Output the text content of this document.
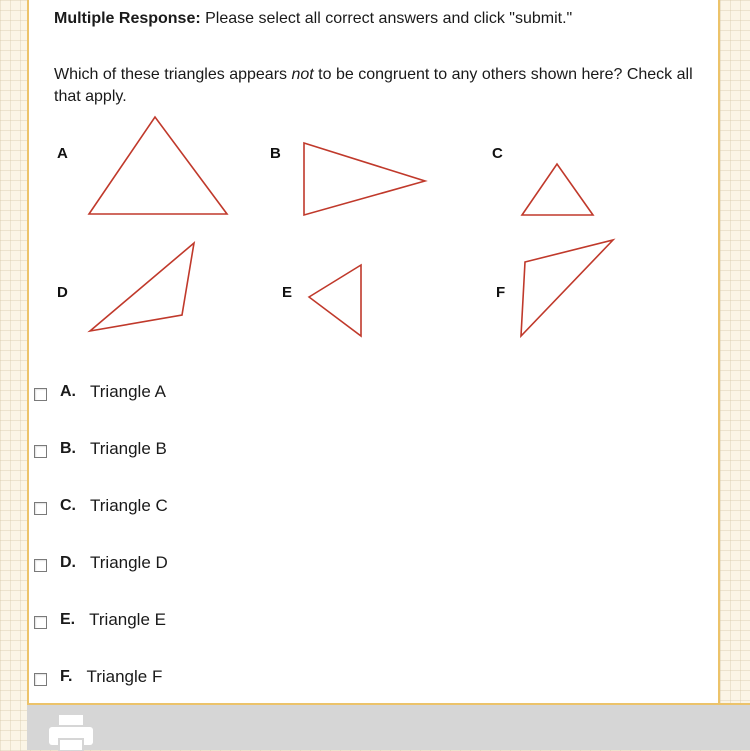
Multiple Response: Please select all correct answers and click "submit."
Which of these triangles appears not to be congruent to any others shown here? Check all that apply.
A	B	C
D	E	F
A. Triangle A
B. Triangle B
C. Triangle C
D. Triangle D
E. Triangle E
F. Triangle F
